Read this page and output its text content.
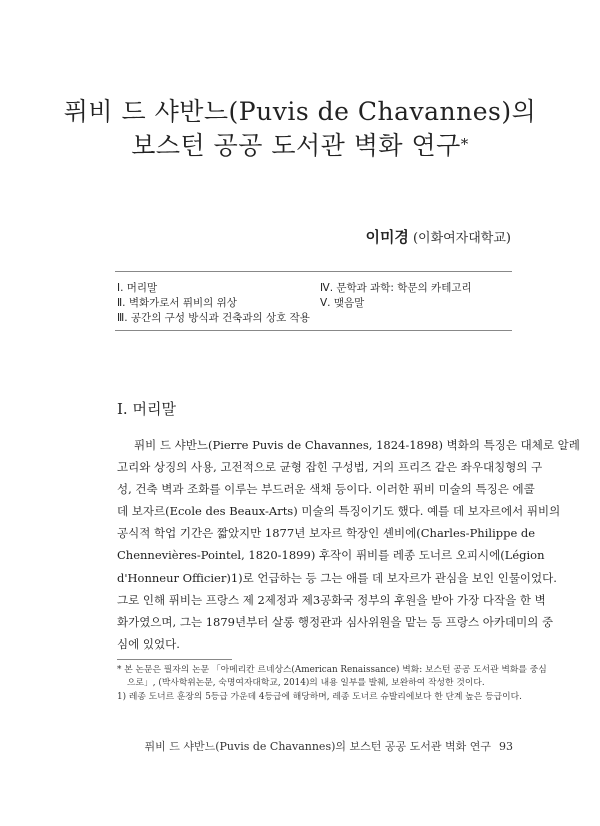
퓌비 드 샤반느(Puvis de Chavannes)의
보스턴 공공 도서관 벽화 연구*
이미경 (이화여자대학교)
Ⅰ. 머리말
Ⅱ. 벽화가로서 퓌비의 위상
Ⅲ. 공간의 구성 방식과 건축과의 상호 작용
Ⅳ. 문학과 과학: 학문의 카테고리
Ⅴ. 맺음말
Ⅰ. 머리말
퓌비 드 샤반느(Pierre Puvis de Chavannes, 1824-1898) 벽화의 특징은 대체로 알레
고리와 상징의 사용, 고전적으로 균형 잡힌 구성법, 거의 프리즈 같은 좌우대칭형의 구
성, 건축 벽과 조화를 이루는 부드러운 색채 등이다. 이러한 퓌비 미술의 특징은 에콜
데 보자르(Ecole des Beaux-Arts) 미술의 특징이기도 했다. 예를 데 보자르에서 퓌비의
공식적 학업 기간은 짧았지만 1877년 보자르 학장인 셴비에(Charles-Philippe de
Chennevières-Pointel, 1820-1899) 후작이 퓌비를 레종 도너르 오피시에(Légion
d'Honneur Officier)1)로 언급하는 등 그는 애를 데 보자르가 관심을 보인 인물이었다.
그로 인해 퓌비는 프랑스 제 2제정과 제3공화국 정부의 후원을 받아 가장 다작을 한 벽
화가였으며, 그는 1879년부터 살롱 행정관과 심사위원을 맡는 등 프랑스 아카데미의 중
심에 있었다.
* 본 논문은 필자의 논문 「아메리칸 르네상스(American Renaissance) 벽화: 보스턴 공공 도서관 벽화를 중심
으로」, (박사학위논문, 숙명여자대학교, 2014)의 내용 일부를 발췌, 보완하여 작성한 것이다.
1) 레종 도너르 훈장의 5등급 가운데 4등급에 해당하며, 레종 도너르 슈발리에보다 한 단계 높은 등급이다.
퓌비 드 샤반느(Puvis de Chavannes)의 보스턴 공공 도서관 벽화 연구 93
